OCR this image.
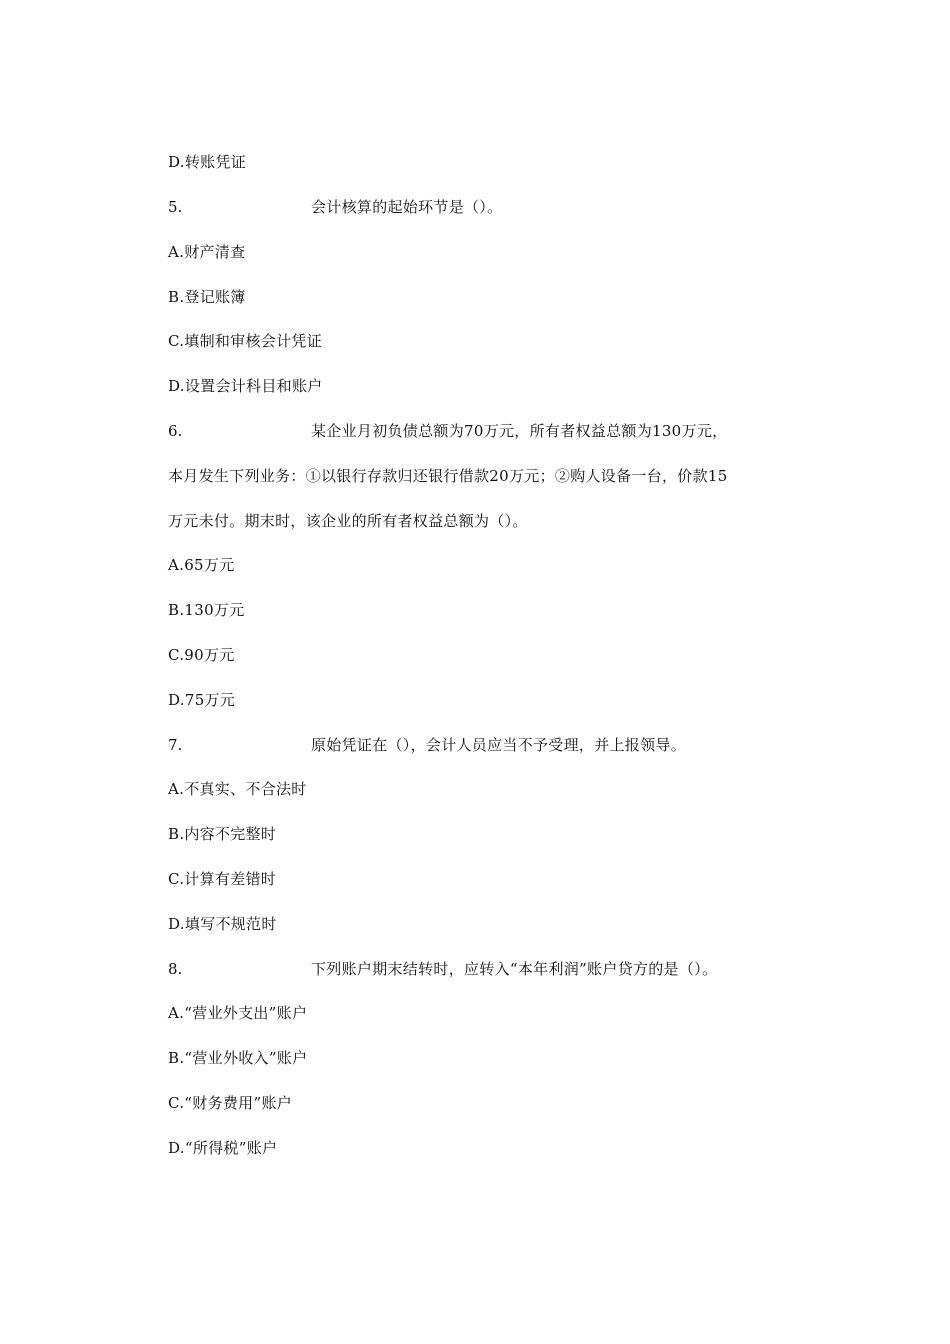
D.转账凭证
5.	会计核算的起始环节是（）。
A.财产清查
B.登记账簿
C.填制和审核会计凭证
D.设置会计科目和账户
6.	某企业月初负债总额为70万元，所有者权益总额为130万元，
本月发生下列业务：①以银行存款归还银行借款20万元；②购人设备一台，价款15
万元未付。期末时，该企业的所有者权益总额为（）。
A.65万元
B.130万元
C.90万元
D.75万元
7.	原始凭证在（），会计人员应当不予受理，并上报领导。
A.不真实、不合法时
B.内容不完整时
C.计算有差错时
D.填写不规范时
8.	下列账户期末结转时，应转入“本年利润”账户贷方的是（）。
A.“营业外支出”账户
B.“营业外收入”账户
C.“财务费用”账户
D.“所得税”账户
